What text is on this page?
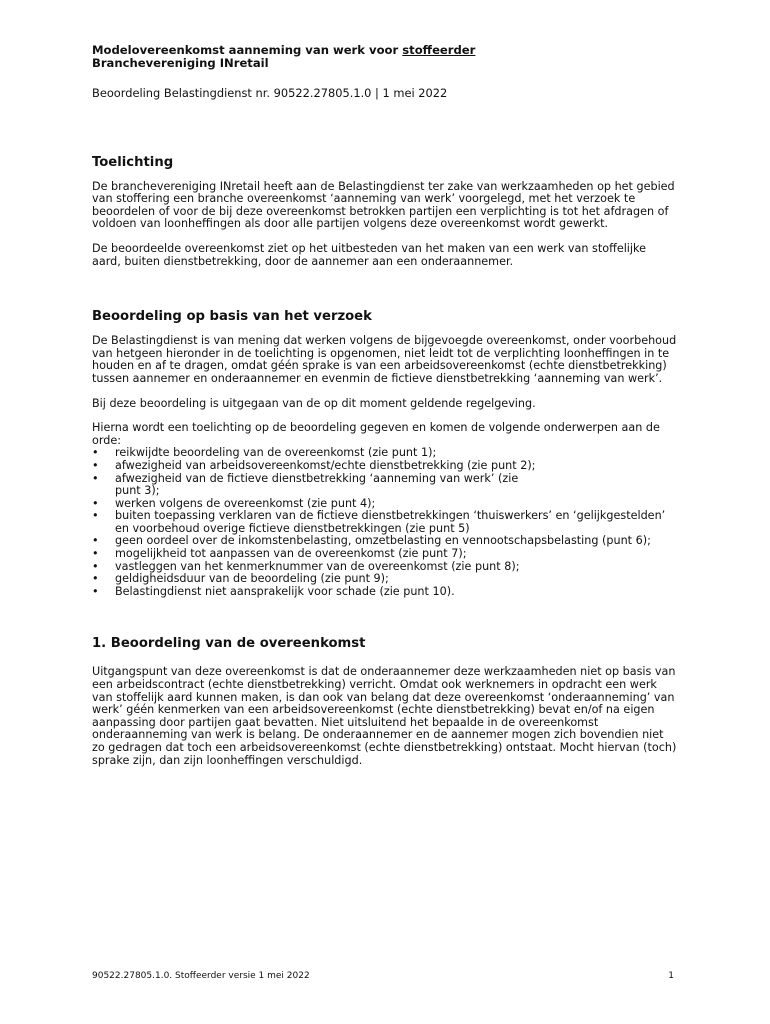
Modelovereenkomst aanneming van werk voor stoffeerder

Branchevereniging INretail

Beoordeling Belastingdienst nr. 90522.27805.1.0 | 1 mei 2022

Toelichting

De branchevereniging INretail heeft aan de Belastingdienst ter zake van werkzaamheden op het gebied van stoffering een branche overeenkomst ‘aanneming van werk’ voorgelegd, met het verzoek te beoordelen of voor de bij deze overeenkomst betrokken partijen een verplichting is tot het afdragen of voldoen van loonheffingen als door alle partijen volgens deze overeenkomst wordt gewerkt.

De beoordeelde overeenkomst ziet op het uitbesteden van het maken van een werk van stoffelijke aard, buiten dienstbetrekking, door de aannemer aan een onderaannemer.

Beoordeling op basis van het verzoek

De Belastingdienst is van mening dat werken volgens de bijgevoegde overeenkomst, onder voorbehoud van hetgeen hieronder in de toelichting is opgenomen, niet leidt tot de verplichting loonheffingen in te houden en af te dragen, omdat géén sprake is van een arbeidsovereenkomst (echte dienstbetrekking) tussen aannemer en onderaannemer en evenmin de fictieve dienstbetrekking ‘aanneming van werk’.

Bij deze beoordeling is uitgegaan van de op dit moment geldende regelgeving.

Hierna wordt een toelichting op de beoordeling gegeven en komen de volgende onderwerpen aan de orde:

• reikwijdte beoordeling van de overeenkomst (zie punt 1);
• afwezigheid van arbeidsovereenkomst/echte dienstbetrekking (zie punt 2);
• afwezigheid van de fictieve dienstbetrekking ‘aanneming van werk’ (zie punt 3);
• werken volgens de overeenkomst (zie punt 4);
• buiten toepassing verklaren van de fictieve dienstbetrekkingen ‘thuiswerkers’ en ‘gelijkgestelden’ en voorbehoud overige fictieve dienstbetrekkingen (zie punt 5)
• geen oordeel over de inkomstenbelasting, omzetbelasting en vennootschapsbelasting (punt 6);
• mogelijkheid tot aanpassen van de overeenkomst (zie punt 7);
• vastleggen van het kenmerknummer van de overeenkomst (zie punt 8);
• geldigheidsduur van de beoordeling (zie punt 9);
• Belastingdienst niet aansprakelijk voor schade (zie punt 10).
1. Beoordeling van de overeenkomst

Uitgangspunt van deze overeenkomst is dat de onderaannemer deze werkzaamheden niet op basis van een arbeidscontract (echte dienstbetrekking) verricht. Omdat ook werknemers in opdracht een werk van stoffelijk aard kunnen maken, is dan ook van belang dat deze overeenkomst ‘onderaanneming’ van werk’ géén kenmerken van een arbeidsovereenkomst (echte dienstbetrekking) bevat en/of na eigen aanpassing door partijen gaat bevatten. Niet uitsluitend het bepaalde in de overeenkomst onderaanneming van werk is belang. De onderaannemer en de aannemer mogen zich bovendien niet zo gedragen dat toch een arbeidsovereenkomst (echte dienstbetrekking) ontstaat. Mocht hiervan (toch) sprake zijn, dan zijn loonheffingen verschuldigd.

90522.27805.1.0. Stoffeerder versie 1 mei 2022	1
